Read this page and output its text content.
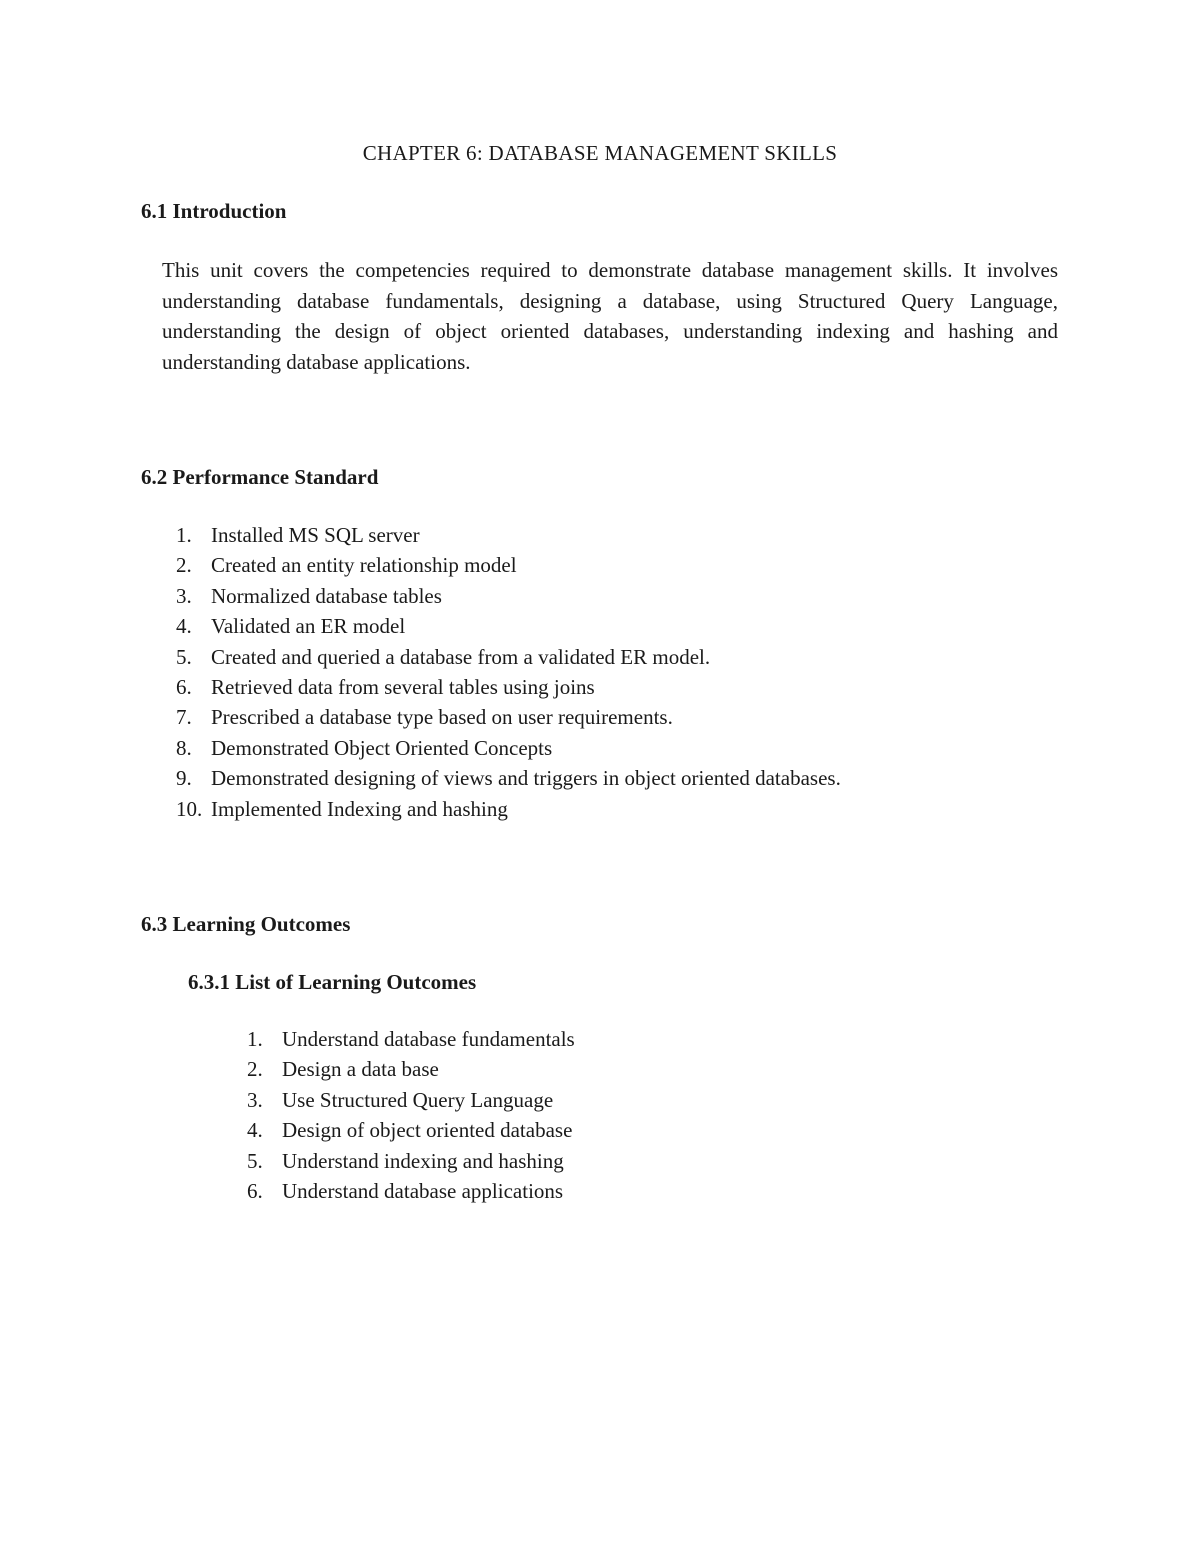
CHAPTER 6: DATABASE MANAGEMENT SKILLS
6.1 Introduction

This unit covers the competencies required to demonstrate database management skills. It involves understanding database fundamentals, designing a database, using Structured Query Language, understanding the design of object oriented databases, understanding indexing and hashing and understanding database applications.

6.2 Performance Standard
1. Installed MS SQL server
2. Created an entity relationship model
3. Normalized database tables
4. Validated an ER model
5. Created and queried a database from a validated ER model.
6. Retrieved data from several tables using joins
7. Prescribed a database type based on user requirements.
8. Demonstrated Object Oriented Concepts
9. Demonstrated designing of views and triggers in object oriented databases.
10. Implemented Indexing and hashing
6.3 Learning Outcomes
6.3.1 List of Learning Outcomes
1. Understand database fundamentals
2. Design a data base
3. Use Structured Query Language
4. Design of object oriented database
5. Understand indexing and hashing
6. Understand database applications
